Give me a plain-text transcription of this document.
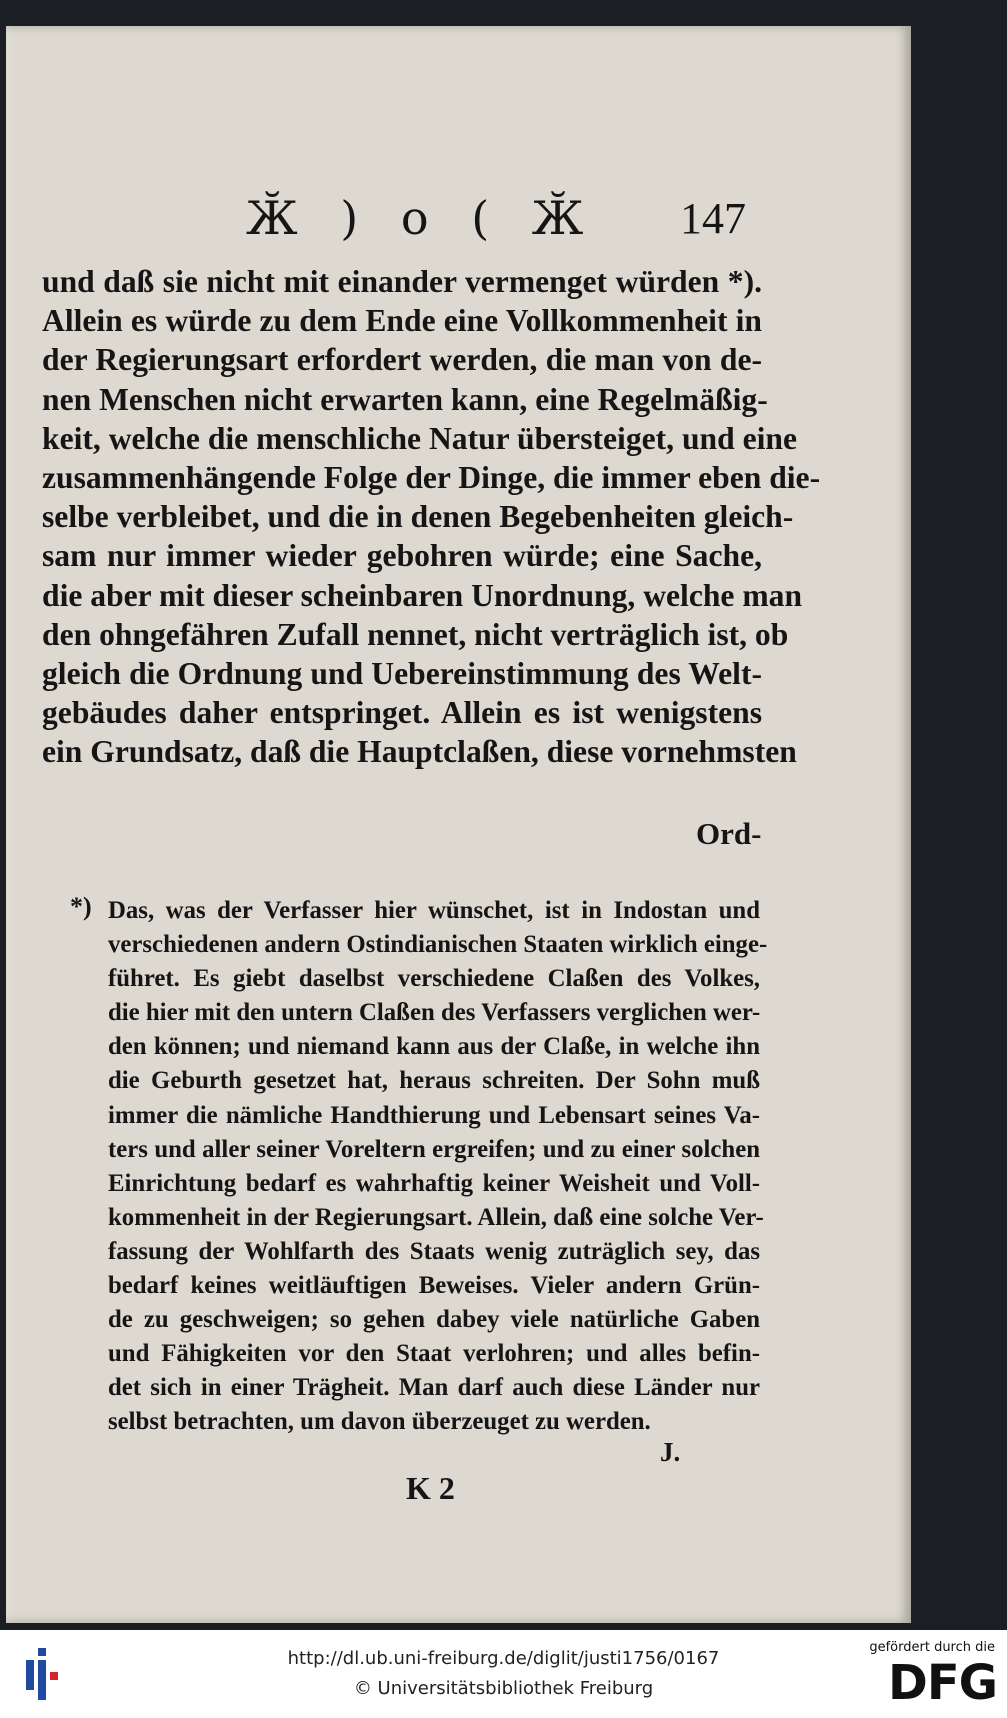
Ӂ ) o ( Ӂ 147
und daß sie nicht mit einander vermenget würden *).
Allein es würde zu dem Ende eine Vollkommenheit in
der Regierungsart erfordert werden, die man von de-
nen Menschen nicht erwarten kann, eine Regelmäßig-
keit, welche die menschliche Natur übersteiget, und eine
zusammenhängende Folge der Dinge, die immer eben die-
selbe verbleibet, und die in denen Begebenheiten gleich-
sam nur immer wieder gebohren würde; eine Sache,
die aber mit dieser scheinbaren Unordnung, welche man
den ohngefähren Zufall nennet, nicht verträglich ist, ob
gleich die Ordnung und Uebereinstimmung des Welt-
gebäudes daher entspringet. Allein es ist wenigstens
ein Grundsatz, daß die Hauptclaßen, diese vornehmsten
Ord-
*) Das, was der Verfasser hier wünschet, ist in Indostan und
verschiedenen andern Ostindianischen Staaten wirklich einge-
führet. Es giebt daselbst verschiedene Claßen des Volkes,
die hier mit den untern Claßen des Verfassers verglichen wer-
den können; und niemand kann aus der Claße, in welche ihn
die Geburth gesetzet hat, heraus schreiten. Der Sohn muß
immer die nämliche Handthierung und Lebensart seines Va-
ters und aller seiner Voreltern ergreifen; und zu einer solchen
Einrichtung bedarf es wahrhaftig keiner Weisheit und Voll-
kommenheit in der Regierungsart. Allein, daß eine solche Ver-
fassung der Wohlfarth des Staats wenig zuträglich sey, das
bedarf keines weitläuftigen Beweises. Vieler andern Grün-
de zu geschweigen; so gehen dabey viele natürliche Gaben
und Fähigkeiten vor den Staat verlohren; und alles befin-
det sich in einer Trägheit. Man darf auch diese Länder nur
selbst betrachten, um davon überzeuget zu werden.
J.
K 2
http://dl.ub.uni-freiburg.de/diglit/justi1756/0167
© Universitätsbibliothek Freiburg
gefördert durch die
DFG
